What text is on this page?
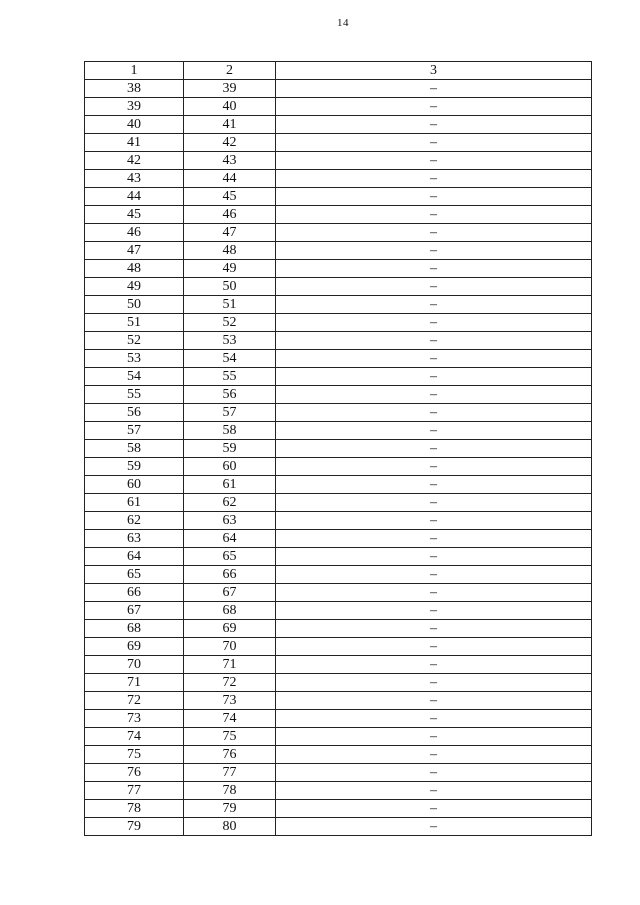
14
1	2	3
38	39	–
39	40	–
40	41	–
41	42	–
42	43	–
43	44	–
44	45	–
45	46	–
46	47	–
47	48	–
48	49	–
49	50	–
50	51	–
51	52	–
52	53	–
53	54	–
54	55	–
55	56	–
56	57	–
57	58	–
58	59	–
59	60	–
60	61	–
61	62	–
62	63	–
63	64	–
64	65	–
65	66	–
66	67	–
67	68	–
68	69	–
69	70	–
70	71	–
71	72	–
72	73	–
73	74	–
74	75	–
75	76	–
76	77	–
77	78	–
78	79	–
79	80	–
